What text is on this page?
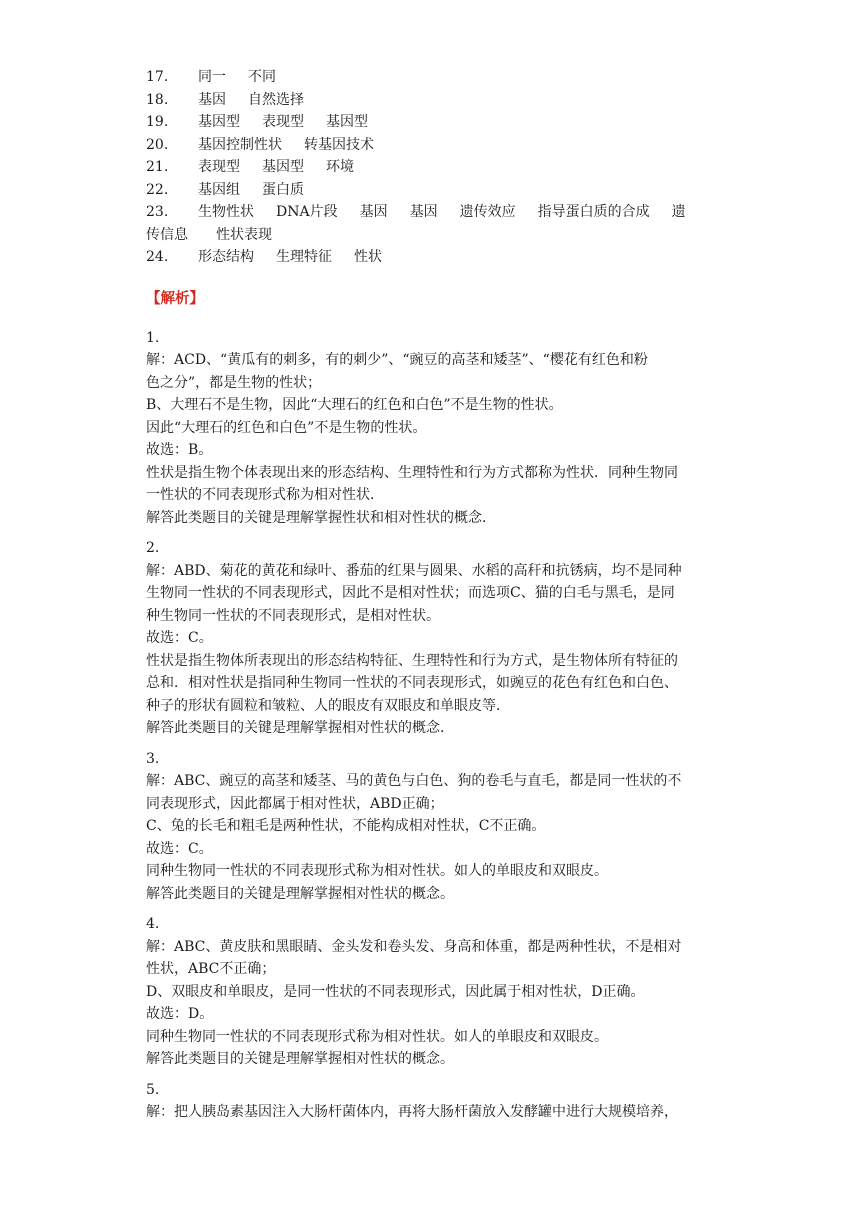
17. 同一 不同
18. 基因 自然选择
19. 基因型 表现型 基因型
20. 基因控制性状 转基因技术
21. 表现型 基因型 环境
22. 基因组 蛋白质
23. 生物性状 DNA片段 基因 基因 遗传效应 指导蛋白质的合成 遗
传信息　　性状表现
24. 形态结构 生理特征 性状
【解析】

1.

解：ACD、“黄瓜有的刺多，有的刺少”、“豌豆的高茎和矮茎”、“樱花有红色和粉

色之分”，都是生物的性状；

B、大理石不是生物，因此“大理石的红色和白色”不是生物的性状。

因此“大理石的红色和白色”不是生物的性状。

故选：B。

性状是指生物个体表现出来的形态结构、生理特性和行为方式都称为性状．同种生物同

一性状的不同表现形式称为相对性状．

解答此类题目的关键是理解掌握性状和相对性状的概念．

2.

解：ABD、菊花的黄花和绿叶、番茄的红果与圆果、水稻的高秆和抗锈病，均不是同种

生物同一性状的不同表现形式，因此不是相对性状；而选项C、猫的白毛与黑毛，是同

种生物同一性状的不同表现形式，是相对性状。

故选：C。

性状是指生物体所表现出的形态结构特征、生理特性和行为方式，是生物体所有特征的

总和．相对性状是指同种生物同一性状的不同表现形式，如豌豆的花色有红色和白色、

种子的形状有圆粒和皱粒、人的眼皮有双眼皮和单眼皮等．

解答此类题目的关键是理解掌握相对性状的概念．

3.

解：ABC、豌豆的高茎和矮茎、马的黄色与白色、狗的卷毛与直毛，都是同一性状的不

同表现形式，因此都属于相对性状，ABD正确；

C、兔的长毛和粗毛是两种性状，不能构成相对性状，C不正确。

故选：C。

同种生物同一性状的不同表现形式称为相对性状。如人的单眼皮和双眼皮。

解答此类题目的关键是理解掌握相对性状的概念。

4.

解：ABC、黄皮肤和黑眼睛、金头发和卷头发、身高和体重，都是两种性状，不是相对

性状，ABC不正确；

D、双眼皮和单眼皮，是同一性状的不同表现形式，因此属于相对性状，D正确。

故选：D。

同种生物同一性状的不同表现形式称为相对性状。如人的单眼皮和双眼皮。

解答此类题目的关键是理解掌握相对性状的概念。

5.

解：把人胰岛素基因注入大肠杆菌体内，再将大肠杆菌放入发酵罐中进行大规模培养，
